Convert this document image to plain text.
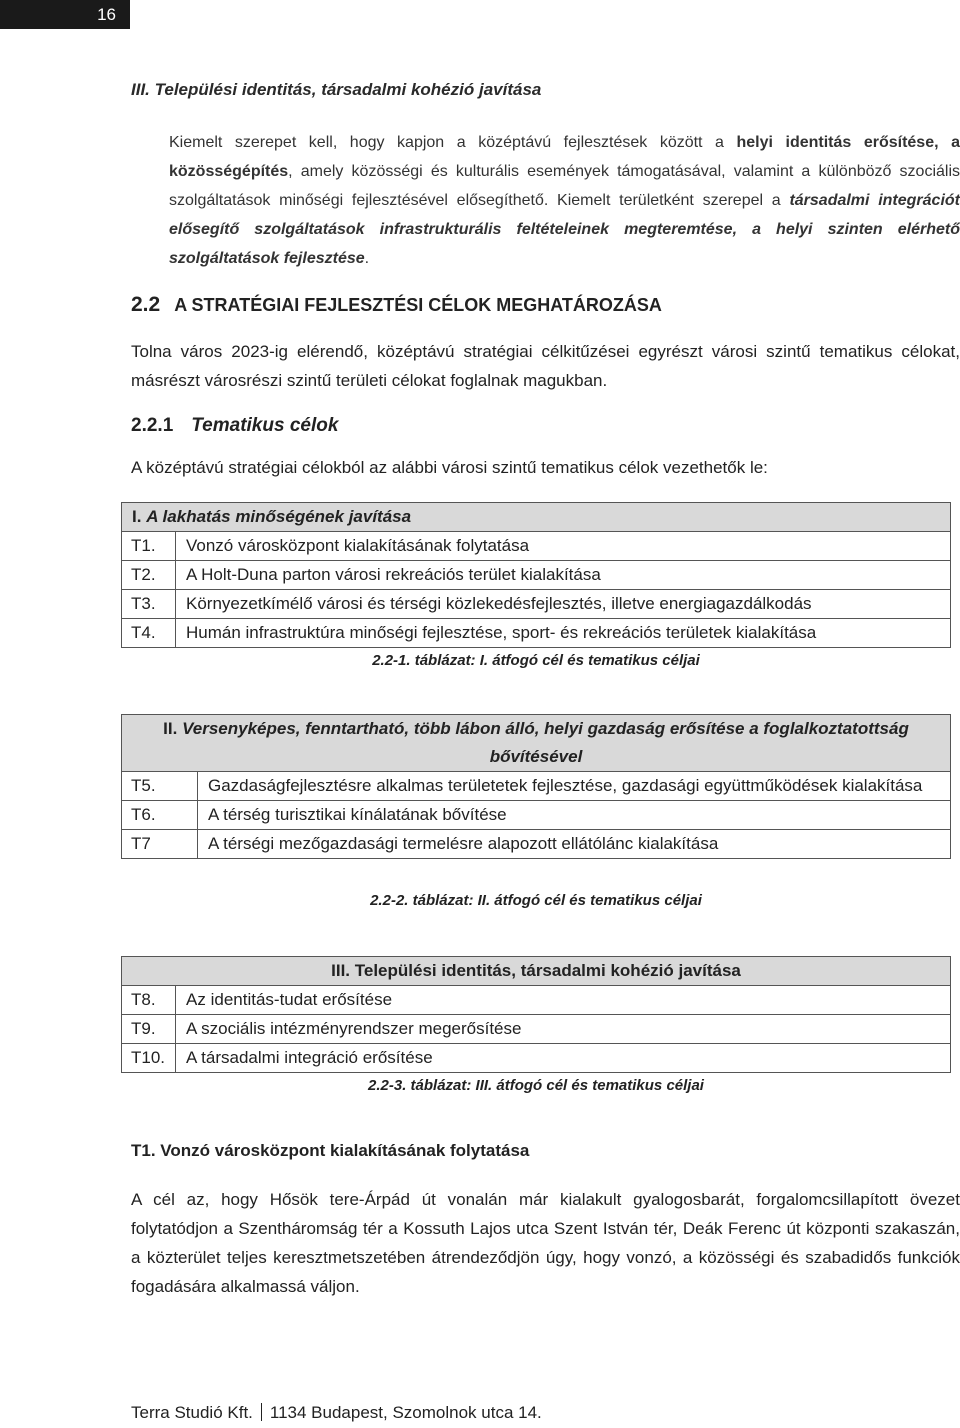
16
III. Települési identitás, társadalmi kohézió javítása
Kiemelt szerepet kell, hogy kapjon a középtávú fejlesztések között a helyi identitás erősítése, a közösségépítés, amely közösségi és kulturális események támogatásával, valamint a különböző szociális szolgáltatások minőségi fejlesztésével elősegíthető. Kiemelt területként szerepel a társadalmi integrációt elősegítő szolgáltatások infrastrukturális feltételeinek megteremtése, a helyi szinten elérhető szolgáltatások fejlesztése.
2.2 A STRATÉGIAI FEJLESZTÉSI CÉLOK MEGHATÁROZÁSA
Tolna város 2023-ig elérendő, középtávú stratégiai célkitűzései egyrészt városi szintű tematikus célokat, másrészt városrészi szintű területi célokat foglalnak magukban.
2.2.1 Tematikus célok
A középtávú stratégiai célokból az alábbi városi szintű tematikus célok vezethetők le:
I. A lakhatás minőségének javítása	
T1.	Vonzó városközpont kialakításának folytatása
T2.	A Holt-Duna parton városi rekreációs terület kialakítása
T3.	Környezetkímélő városi és térségi közlekedésfejlesztés, illetve energiagazdálkodás
T4.	Humán infrastruktúra minőségi fejlesztése, sport- és rekreációs területek kialakítása
2.2-1. táblázat: I. átfogó cél és tematikus céljai
II. Versenyképes, fenntartható, több lábon álló, helyi gazdaság erősítése a foglalkoztatottság bővítésével	
T5.	Gazdaságfejlesztésre alkalmas területetek fejlesztése, gazdasági együttműködések kialakítása
T6.	A térség turisztikai kínálatának bővítése
T7	A térségi mezőgazdasági termelésre alapozott ellátólánc kialakítása
2.2-2. táblázat: II. átfogó cél és tematikus céljai
III. Települési identitás, társadalmi kohézió javítása	
T8.	Az identitás-tudat erősítése
T9.	A szociális intézményrendszer megerősítése
T10.	A társadalmi integráció erősítése
2.2-3. táblázat: III. átfogó cél és tematikus céljai
T1. Vonzó városközpont kialakításának folytatása
A cél az, hogy Hősök tere-Árpád út vonalán már kialakult gyalogosbarát, forgalomcsillapított övezet folytatódjon a Szentháromság tér a Kossuth Lajos utca Szent István tér, Deák Ferenc út központi szakaszán, a közterület teljes keresztmetszetében átrendeződjön úgy, hogy vonzó, a közösségi és szabadidős funkciók fogadására alkalmassá váljon.
Terra Studió Kft. 1134 Budapest, Szomolnok utca 14.
